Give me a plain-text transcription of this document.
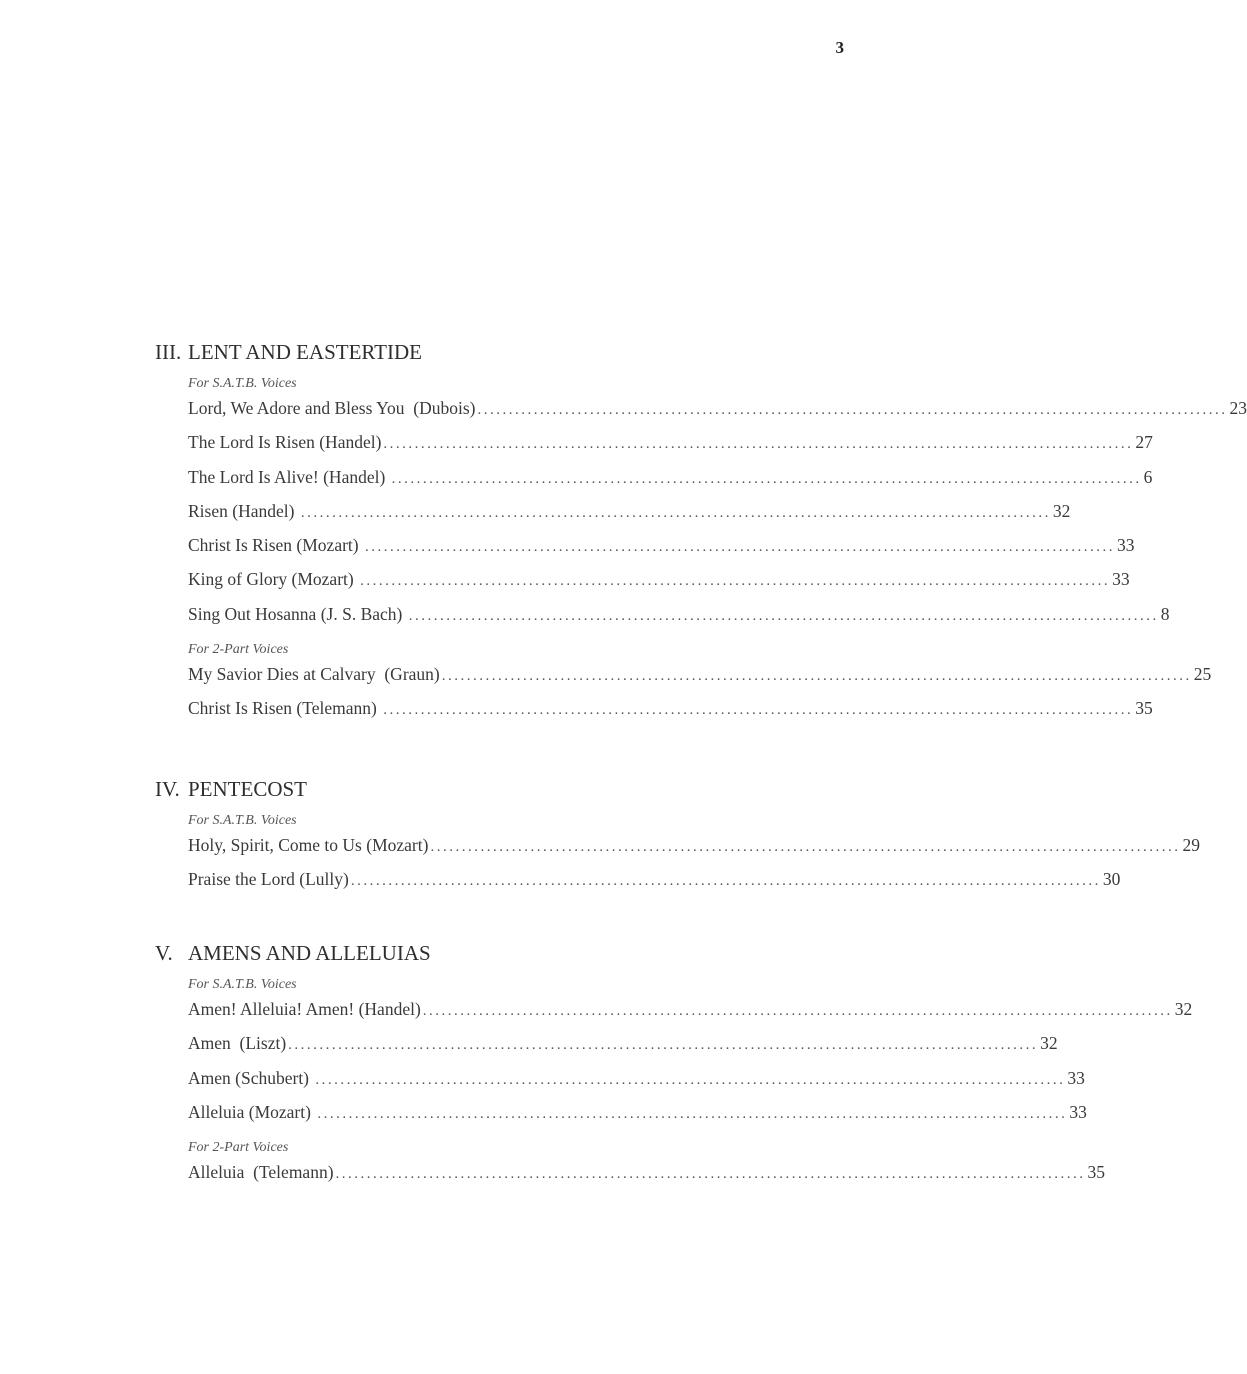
3
III. LENT AND EASTERTIDE
For S.A.T.B. Voices
Lord, We Adore and Bless You  (Dubois) ........................................................................................................................ 23
The Lord Is Risen (Handel) ........................................................................................................................ 27
The Lord Is Alive! (Handel) ........................................................................................................................ 6
Risen (Handel) ........................................................................................................................ 32
Christ Is Risen (Mozart) ........................................................................................................................ 33
King of Glory (Mozart) ........................................................................................................................ 33
Sing Out Hosanna (J. S. Bach) ........................................................................................................................ 8
For 2-Part Voices
My Savior Dies at Calvary  (Graun) ........................................................................................................................ 25
Christ Is Risen (Telemann) ........................................................................................................................ 35
IV. PENTECOST
For S.A.T.B. Voices
Holy, Spirit, Come to Us (Mozart) ........................................................................................................................ 29
Praise the Lord (Lully) ........................................................................................................................ 30
V. AMENS AND ALLELUIAS
For S.A.T.B. Voices
Amen! Alleluia! Amen! (Handel) ........................................................................................................................ 32
Amen  (Liszt) ........................................................................................................................ 32
Amen (Schubert) ........................................................................................................................ 33
Alleluia (Mozart) ........................................................................................................................ 33
For 2-Part Voices
Alleluia  (Telemann) ........................................................................................................................ 35
